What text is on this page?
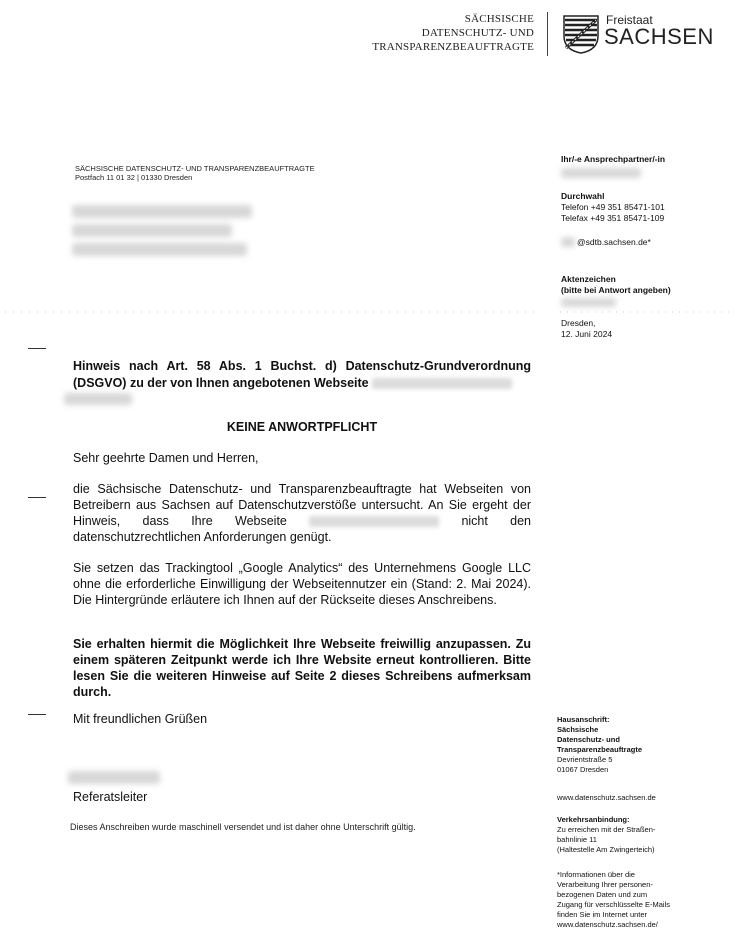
SÄCHSISCHE
DATENSCHUTZ- UND
TRANSPARENZBEAUFTRAGTE
Freistaat
SACHSEN
SÄCHSISCHE DATENSCHUTZ- UND TRANSPARENZBEAUFTRAGTE
Postfach 11 01 32 | 01330 Dresden
Ihr/-e Ansprechpartner/-in
Durchwahl
Telefon +49 351 85471-101
Telefax +49 351 85471-109
@sdtb.sachsen.de*
Aktenzeichen
(bitte bei Antwort angeben)
Dresden,
12. Juni 2024
Hinweis nach Art. 58 Abs. 1 Buchst. d) Datenschutz-Grundverordnung (DSGVO) zu der von Ihnen angebotenen Webseite
KEINE ANWORTPFLICHT
Sehr geehrte Damen und Herren,
die Sächsische Datenschutz- und Transparenzbeauftragte hat Webseiten von Betreibern aus Sachsen auf Datenschutzverstöße untersucht. An Sie ergeht der Hinweis, dass Ihre Webseite	nicht den datenschutzrechtlichen Anforderungen genügt.
Sie setzen das Trackingtool „Google Analytics“ des Unternehmens Google LLC ohne die erforderliche Einwilligung der Webseitennutzer ein (Stand: 2. Mai 2024). Die Hintergründe erläutere ich Ihnen auf der Rückseite dieses Anschreibens.
Sie erhalten hiermit die Möglichkeit Ihre Webseite freiwillig anzupassen. Zu einem späteren Zeitpunkt werde ich Ihre Website erneut kontrollieren. Bitte lesen Sie die weiteren Hinweise auf Seite 2 dieses Schreibens aufmerksam durch.
Mit freundlichen Grüßen
Referatsleiter
Dieses Anschreiben wurde maschinell versendet und ist daher ohne Unterschrift gültig.
Hausanschrift:
Sächsische
Datenschutz- und
Transparenzbeauftragte
Devrientstraße 5
01067 Dresden
www.datenschutz.sachsen.de
Verkehrsanbindung:
Zu erreichen mit der Straßen-
bahnlinie 11
(Haltestelle Am Zwingerteich)
*Informationen über die
Verarbeitung Ihrer personen-
bezogenen Daten und zum
Zugang für verschlüsselte E-Mails
finden Sie im Internet unter
www.datenschutz.sachsen.de/
